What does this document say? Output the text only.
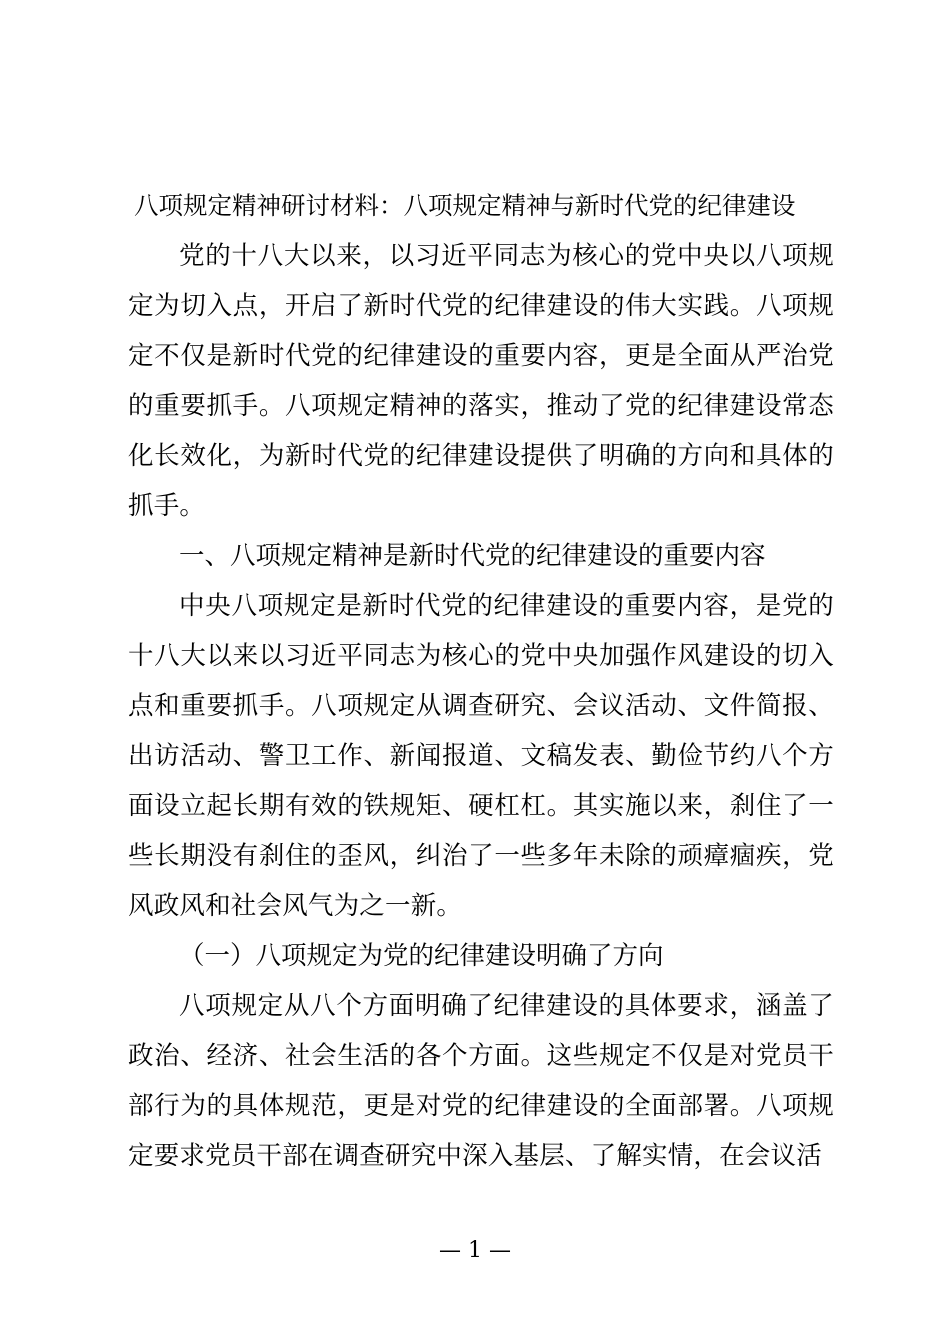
八项规定精神研讨材料：八项规定精神与新时代党的纪律建设

党的十八大以来，以习近平同志为核心的党中央以八项规定为切入点，开启了新时代党的纪律建设的伟大实践。八项规定不仅是新时代党的纪律建设的重要内容，更是全面从严治党的重要抓手。八项规定精神的落实，推动了党的纪律建设常态化长效化，为新时代党的纪律建设提供了明确的方向和具体的抓手。

一、八项规定精神是新时代党的纪律建设的重要内容

中央八项规定是新时代党的纪律建设的重要内容，是党的十八大以来以习近平同志为核心的党中央加强作风建设的切入点和重要抓手。八项规定从调查研究、会议活动、文件简报、出访活动、警卫工作、新闻报道、文稿发表、勤俭节约八个方面设立起长期有效的铁规矩、硬杠杠。其实施以来，刹住了一些长期没有刹住的歪风，纠治了一些多年未除的顽瘴痼疾，党风政风和社会风气为之一新。

（一）八项规定为党的纪律建设明确了方向

八项规定从八个方面明确了纪律建设的具体要求，涵盖了政治、经济、社会生活的各个方面。这些规定不仅是对党员干部行为的具体规范，更是对党的纪律建设的全面部署。八项规定要求党员干部在调查研究中深入基层、了解实情，在会议活

— 1 —
